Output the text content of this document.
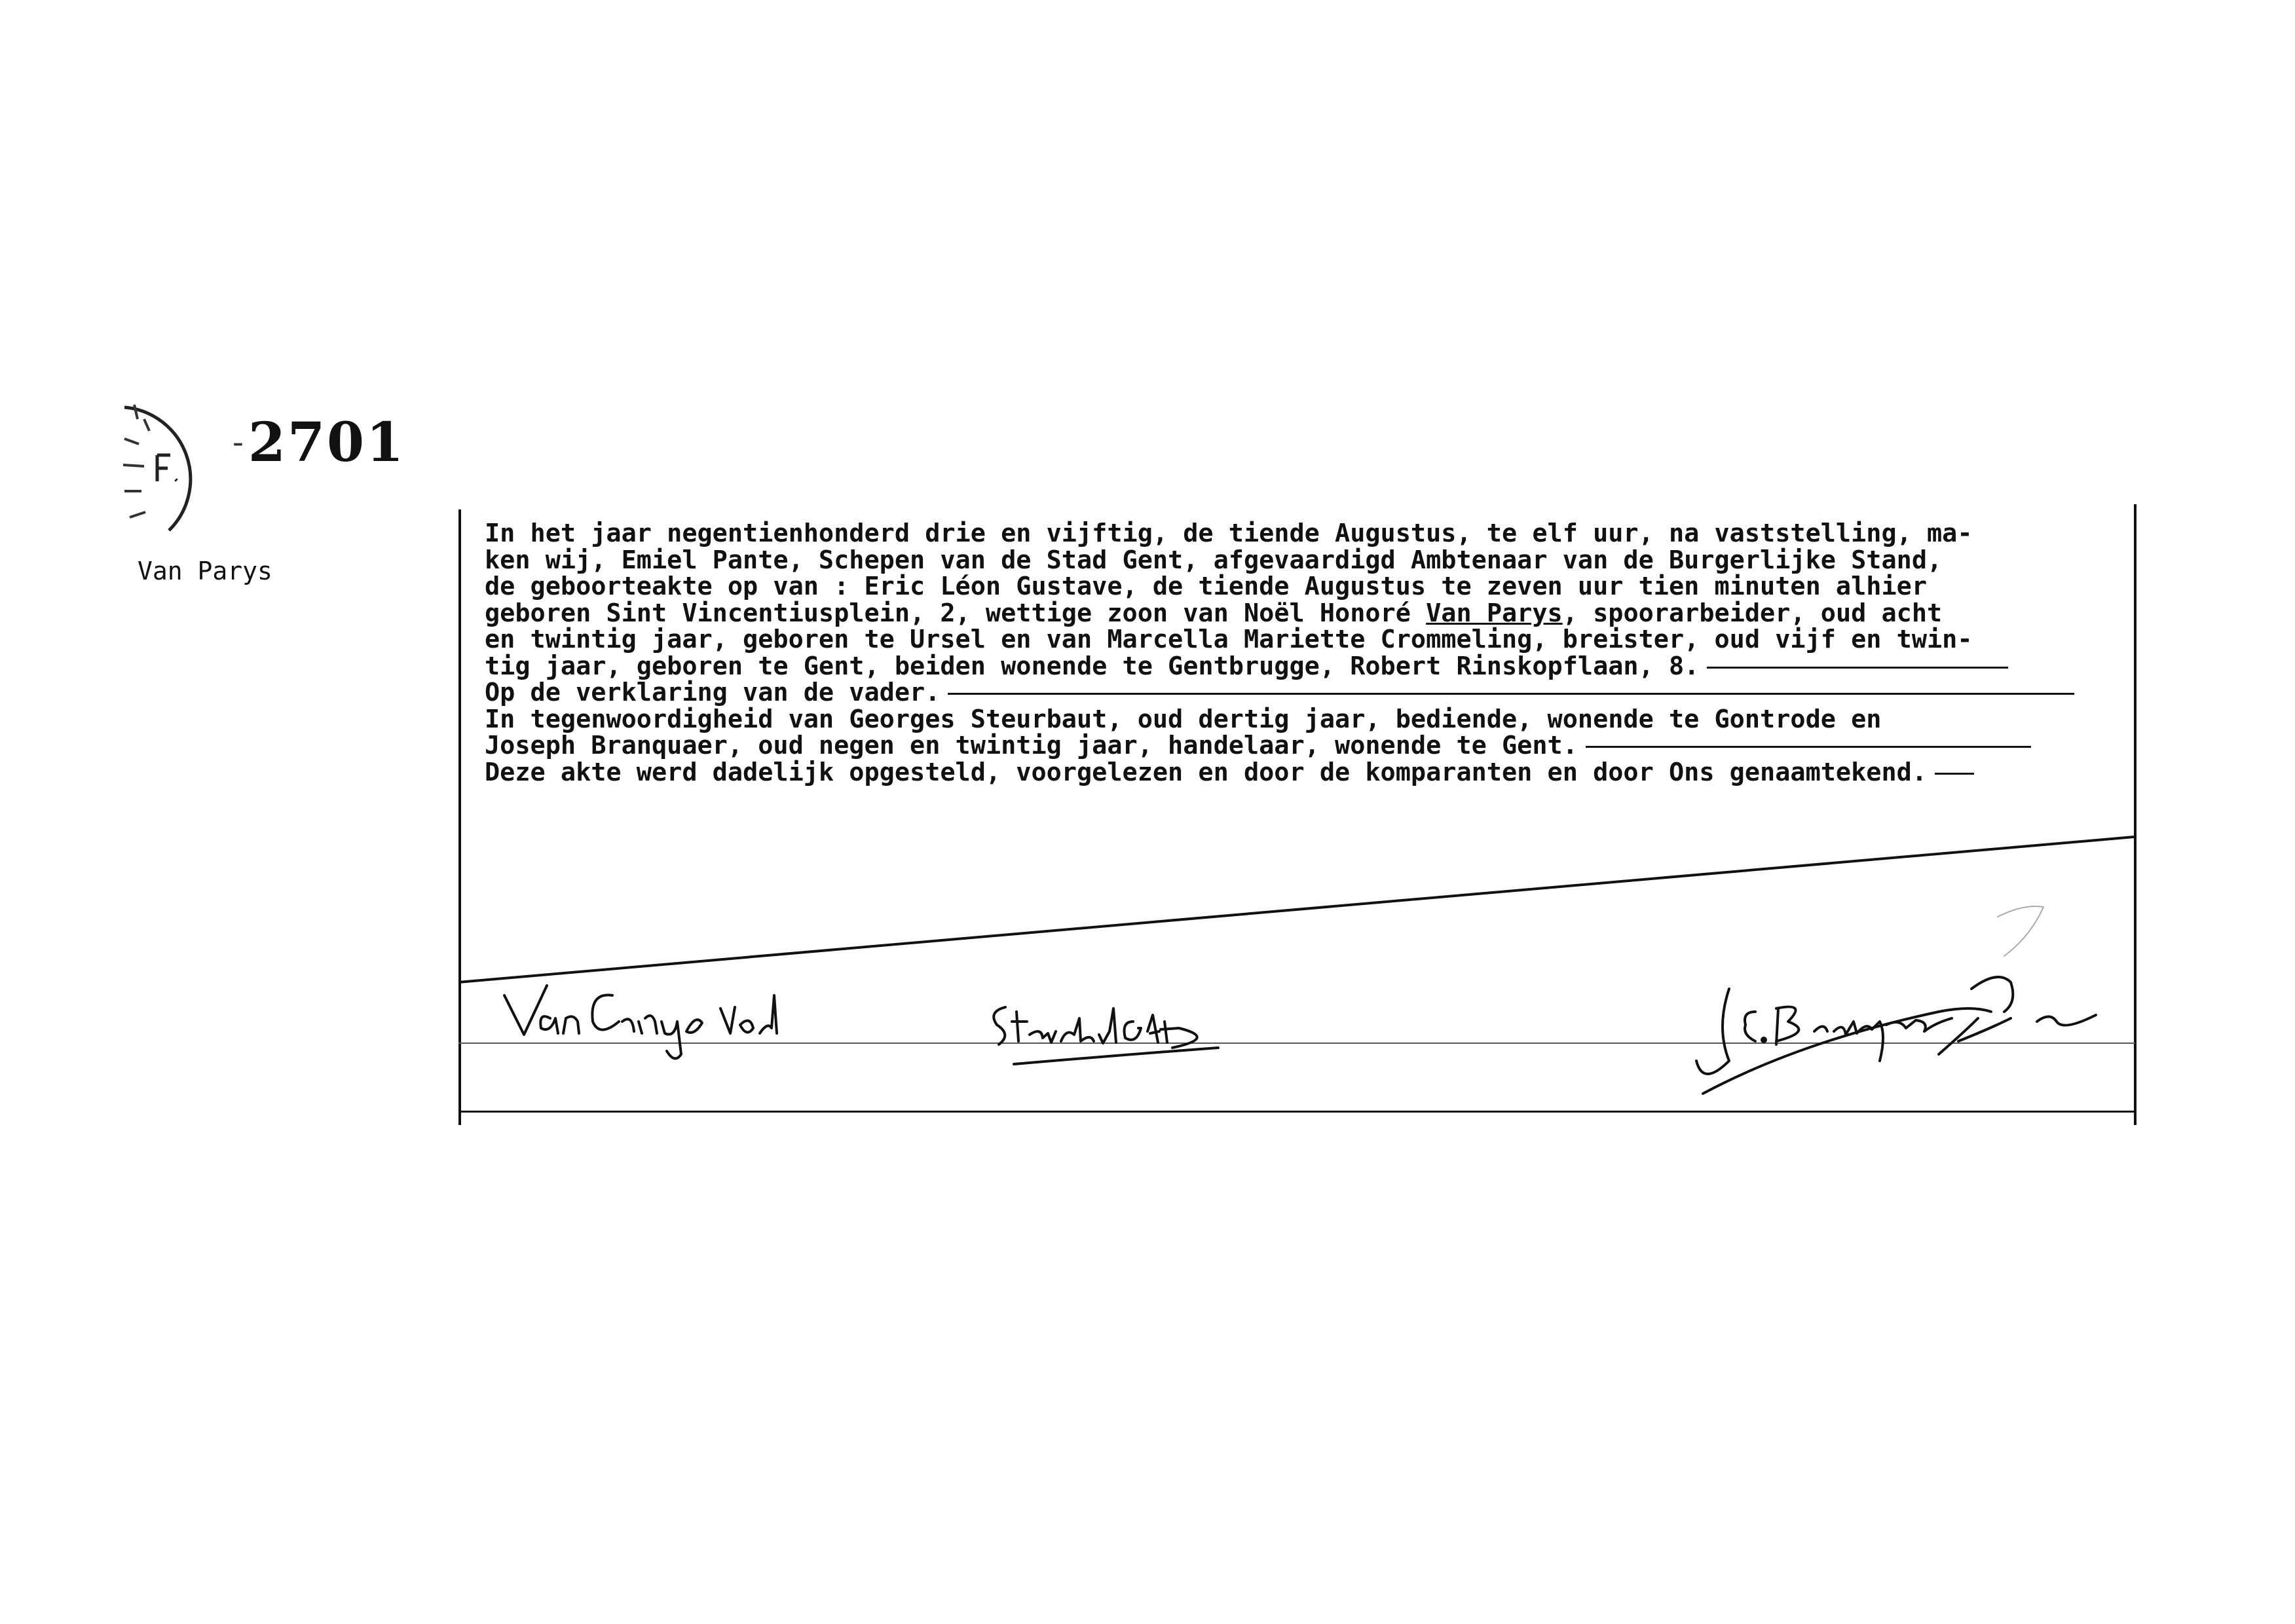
-2701
Van Parys
In het jaar negentienhonderd drie en vijftig, de tiende Augustus, te elf uur, na vaststelling, ma-
ken wij, Emiel Pante, Schepen van de Stad Gent, afgevaardigd Ambtenaar van de Burgerlijke Stand,
de geboorteakte op van : Eric Léon Gustave, de tiende Augustus te zeven uur tien minuten alhier
geboren Sint Vincentiusplein, 2, wettige zoon van Noël Honoré Van Parys, spoorarbeider, oud acht
en twintig jaar, geboren te Ursel en van Marcella Mariette Crommeling, breister, oud vijf en twin-
tig jaar, geboren te Gent, beiden wonende te Gentbrugge, Robert Rinskopflaan, 8.
Op de verklaring van de vader.
In tegenwoordigheid van Georges Steurbaut, oud dertig jaar, bediende, wonende te Gontrode en
Joseph Branquaer, oud negen en twintig jaar, handelaar, wonende te Gent.
Deze akte werd dadelijk opgesteld, voorgelezen en door de komparanten en door Ons genaamtekend.
